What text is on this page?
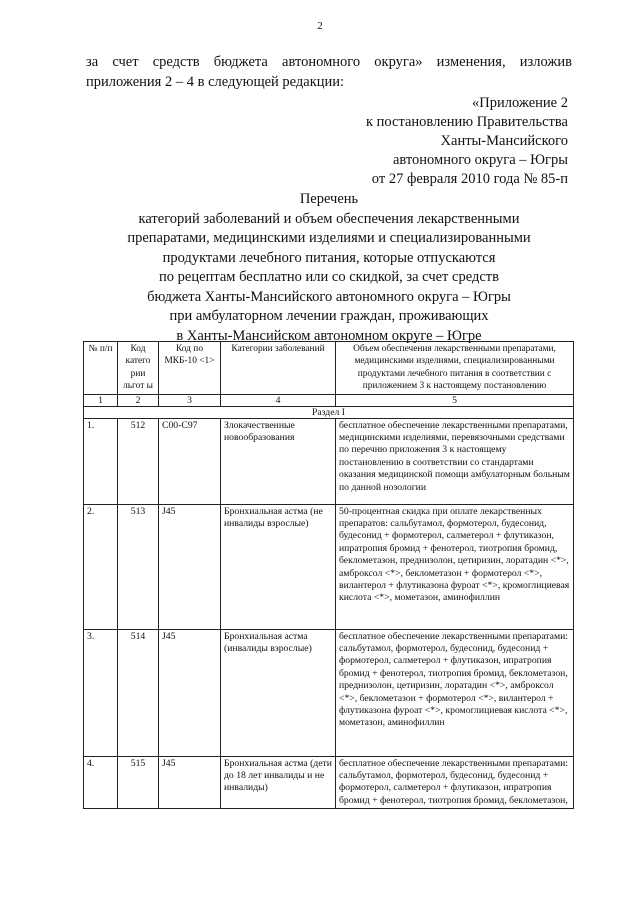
2
за счет средств бюджета автономного округа» изменения, изложив приложения 2 – 4 в следующей редакции:
«Приложение 2
к постановлению Правительства
Ханты-Мансийского
автономного округа – Югры
от 27 февраля 2010 года № 85-п
Перечень
категорий заболеваний и объем обеспечения лекарственными
препаратами, медицинскими изделиями и специализированными
продуктами лечебного питания, которые отпускаются
по рецептам бесплатно или со скидкой, за счет средств
бюджета Ханты-Мансийского автономного округа – Югры
при амбулаторном лечении граждан, проживающих
в Ханты-Мансийском автономном округе – Югре
№ п/п	Код катего рии льгот ы	Код по МКБ-10 <1>	Категории заболеваний	Объем обеспечения лекарственными препаратами, медицинскими изделиями, специализированными продуктами лечебного питания в соответствии с приложением 3 к настоящему постановлению
1	2	3	4	5
Раздел I				
1.	512	C00-C97	Злокачественные новообразования	бесплатное обеспечение лекарственными препаратами, медицинскими изделиями, перевязочными средствами по перечню приложения 3 к настоящему постановлению в соответствии со стандартами оказания медицинской помощи амбулаторным больным по данной нозологии
2.	513	J45	Бронхиальная астма (не инвалиды взрослые)	50-процентная скидка при оплате лекарственных препаратов: сальбутамол, формотерол, будесонид, будесонид + формотерол, салметерол + флутиказон, ипратропия бромид + фенотерол, тиотропия бромид, беклометазон, преднизолон, цетиризин, лоратадин <*>, амброксол <*>, беклометазон + формотерол <*>, вилантерол + флутиказона фуроат <*>, кромоглициевая кислота <*>, мометазон, аминофиллин
3.	514	J45	Бронхиальная астма (инвалиды взрослые)	бесплатное обеспечение лекарственными препаратами: сальбутамол, формотерол, будесонид, будесонид + формотерол, салметерол + флутиказон, ипратропия бромид + фенотерол, тиотропия бромид, беклометазон, преднизолон, цетиризин, лоратадин <*>, амброксол <*>, беклометазон + формотерол <*>, вилантерол + флутиказона фуроат <*>, кромоглициевая кислота <*>, мометазон, аминофиллин
4.	515	J45	Бронхиальная астма (дети до 18 лет инвалиды и не инвалиды)	бесплатное обеспечение лекарственными препаратами: сальбутамол, формотерол, будесонид, будесонид + формотерол, салметерол + флутиказон, ипратропия бромид + фенотерол, тиотропия бромид, беклометазон,
